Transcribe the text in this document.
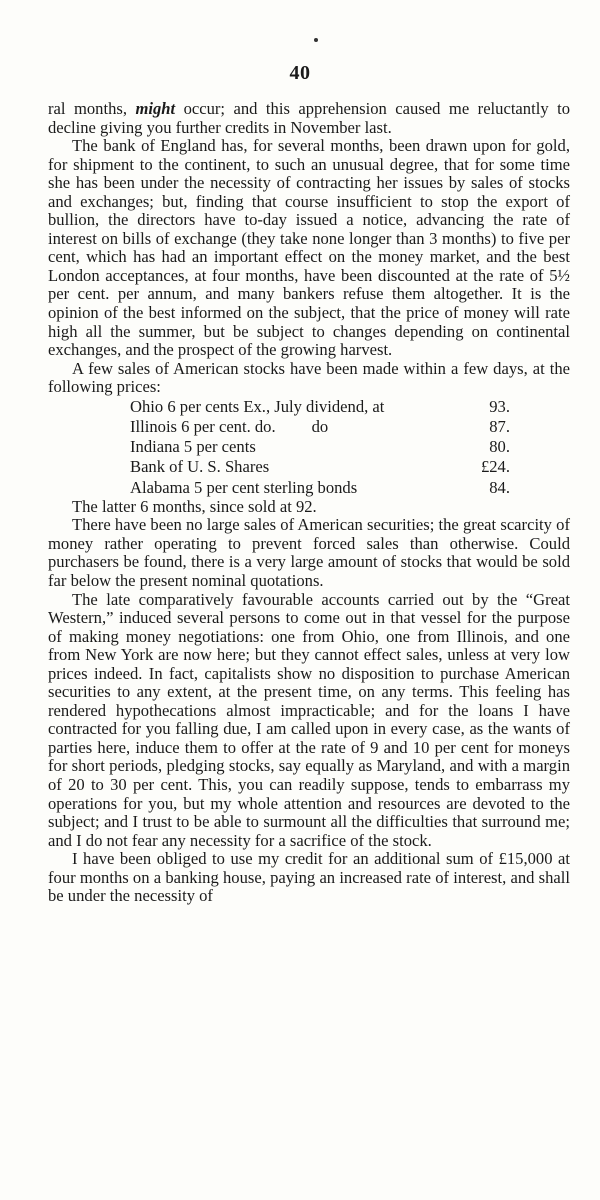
40

ral months, might occur; and this apprehension caused me reluctantly to decline giving you further credits in November last.

The bank of England has, for several months, been drawn upon for gold, for shipment to the continent, to such an unusual degree, that for some time she has been under the necessity of contracting her issues by sales of stocks and exchanges; but, finding that course insufficient to stop the export of bullion, the directors have to-day issued a notice, advancing the rate of interest on bills of exchange (they take none longer than 3 months) to five per cent, which has had an important effect on the money market, and the best London acceptances, at four months, have been discounted at the rate of 5½ per cent. per annum, and many bankers refuse them altogether. It is the opinion of the best informed on the subject, that the price of money will rate high all the summer, but be subject to changes depending on continental exchanges, and the prospect of the growing harvest.

A few sales of American stocks have been made within a few days, at the following prices:

Ohio 6 per cents Ex., July dividend, at	93.
Illinois 6 per cent. do. do	87.
Indiana 5 per cents	80.
Bank of U. S. Shares	£24.
Alabama 5 per cent sterling bonds	84.

The latter 6 months, since sold at 92.

There have been no large sales of American securities; the great scarcity of money rather operating to prevent forced sales than otherwise. Could purchasers be found, there is a very large amount of stocks that would be sold far below the present nominal quotations.

The late comparatively favourable accounts carried out by the “Great Western,” induced several persons to come out in that vessel for the purpose of making money negotiations: one from Ohio, one from Illinois, and one from New York are now here; but they cannot effect sales, unless at very low prices indeed. In fact, capitalists show no disposition to purchase American securities to any extent, at the present time, on any terms. This feeling has rendered hypothecations almost impracticable; and for the loans I have contracted for you falling due, I am called upon in every case, as the wants of parties here, induce them to offer at the rate of 9 and 10 per cent for moneys for short periods, pledging stocks, say equally as Maryland, and with a margin of 20 to 30 per cent. This, you can readily suppose, tends to embarrass my operations for you, but my whole attention and resources are devoted to the subject; and I trust to be able to surmount all the difficulties that surround me; and I do not fear any necessity for a sacrifice of the stock.

I have been obliged to use my credit for an additional sum of £15,000 at four months on a banking house, paying an increased rate of interest, and shall be under the necessity of
